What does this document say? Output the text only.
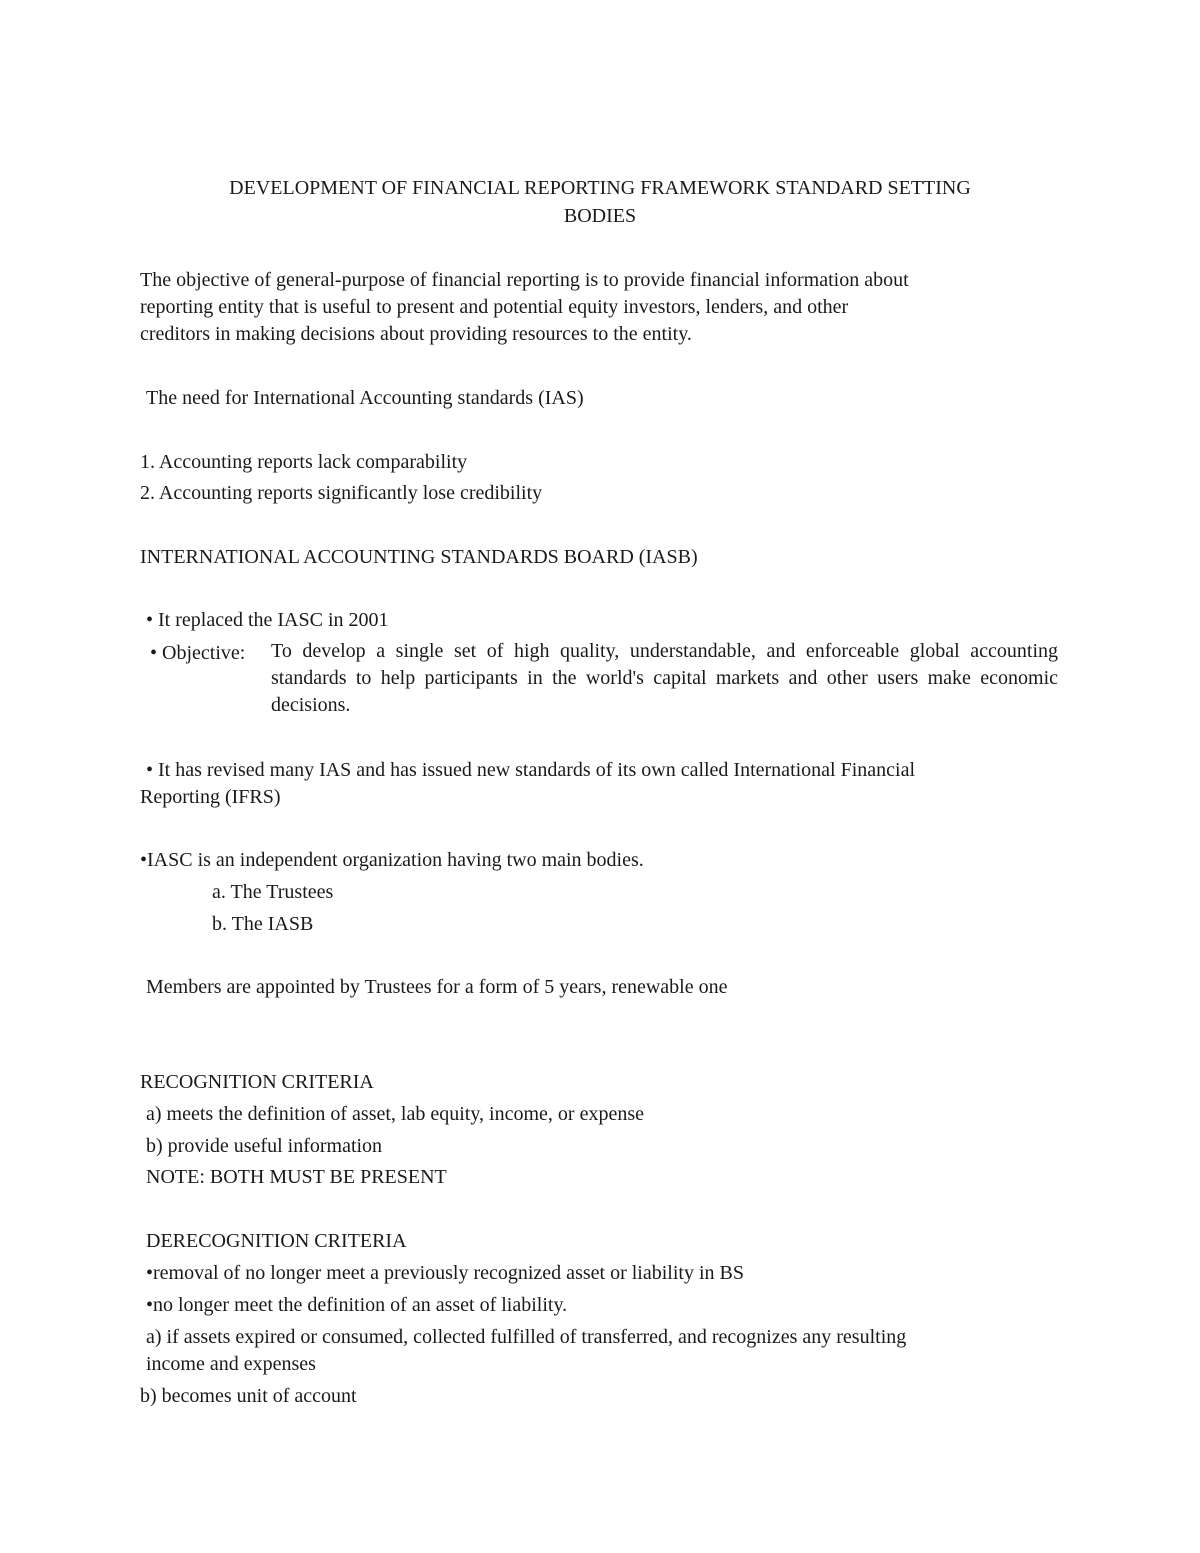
DEVELOPMENT OF FINANCIAL REPORTING FRAMEWORK STANDARD SETTING
BODIES
The objective of general-purpose of financial reporting is to provide financial information about
reporting entity that is useful to present and potential equity investors, lenders, and other
creditors in making decisions about providing resources to the entity.
The need for International Accounting standards (IAS)
1. Accounting reports lack comparability
2. Accounting reports significantly lose credibility
INTERNATIONAL ACCOUNTING STANDARDS BOARD (IASB)
• It replaced the IASC in 2001
• Objective: To develop a single set of high quality, understandable, and enforceable global accounting standards to help participants in the world's capital markets and other users make economic decisions.
• It has revised many IAS and has issued new standards of its own called International Financial
Reporting (IFRS)
•IASC is an independent organization having two main bodies.
a. The Trustees
b. The IASB
Members are appointed by Trustees for a form of 5 years, renewable one
RECOGNITION CRITERIA
a) meets the definition of asset, lab equity, income, or expense
b) provide useful information
NOTE: BOTH MUST BE PRESENT
DERECOGNITION CRITERIA
•removal of no longer meet a previously recognized asset or liability in BS
•no longer meet the definition of an asset of liability.
a) if assets expired or consumed, collected fulfilled of transferred, and recognizes any resulting
income and expenses
b) becomes unit of account
